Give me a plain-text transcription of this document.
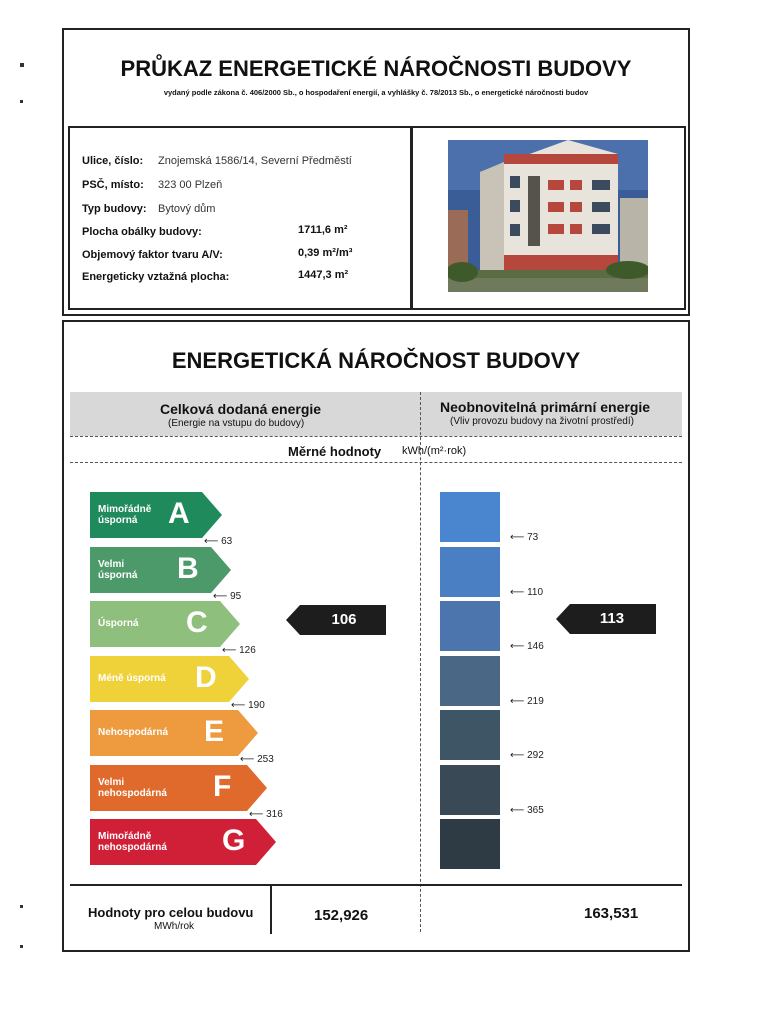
PRŮKAZ ENERGETICKÉ NÁROČNOSTI BUDOVY
vydaný podle zákona č. 406/2000 Sb., o hospodaření energií, a vyhlášky č. 78/2013 Sb., o energetické náročnosti budov
Ulice, číslo: Znojemská 1586/14, Severní Předměstí
PSČ, místo: 323 00 Plzeň
Typ budovy: Bytový dům
Plocha obálky budovy:	1711,6 m²
Objemový faktor tvaru A/V:	0,39 m²/m³
Energeticky vztažná plocha:	1447,3 m²
ENERGETICKÁ NÁROČNOST BUDOVY
Celková dodaná energie
(Energie na vstupu do budovy)
Neobnovitelná primární energie
(Vliv provozu budovy na životní prostředí)
Měrné hodnoty kWh/(m²·rok)
Mimořádně
úsporná	A
Velmi
úsporná B
Úsporná C
Méně úsporná D
Nehospodárná E
Velmi
nehospodárná F
Mimořádně
nehospodárná G
⟵ 63
⟵ 95
⟵ 126
⟵ 190
⟵ 253
⟵ 316
⟵ 73
⟵ 110
⟵ 146
⟵ 219
⟵ 292
⟵ 365
106	113
Hodnoty pro celou budovu
MWh/rok
152,926	163,531
